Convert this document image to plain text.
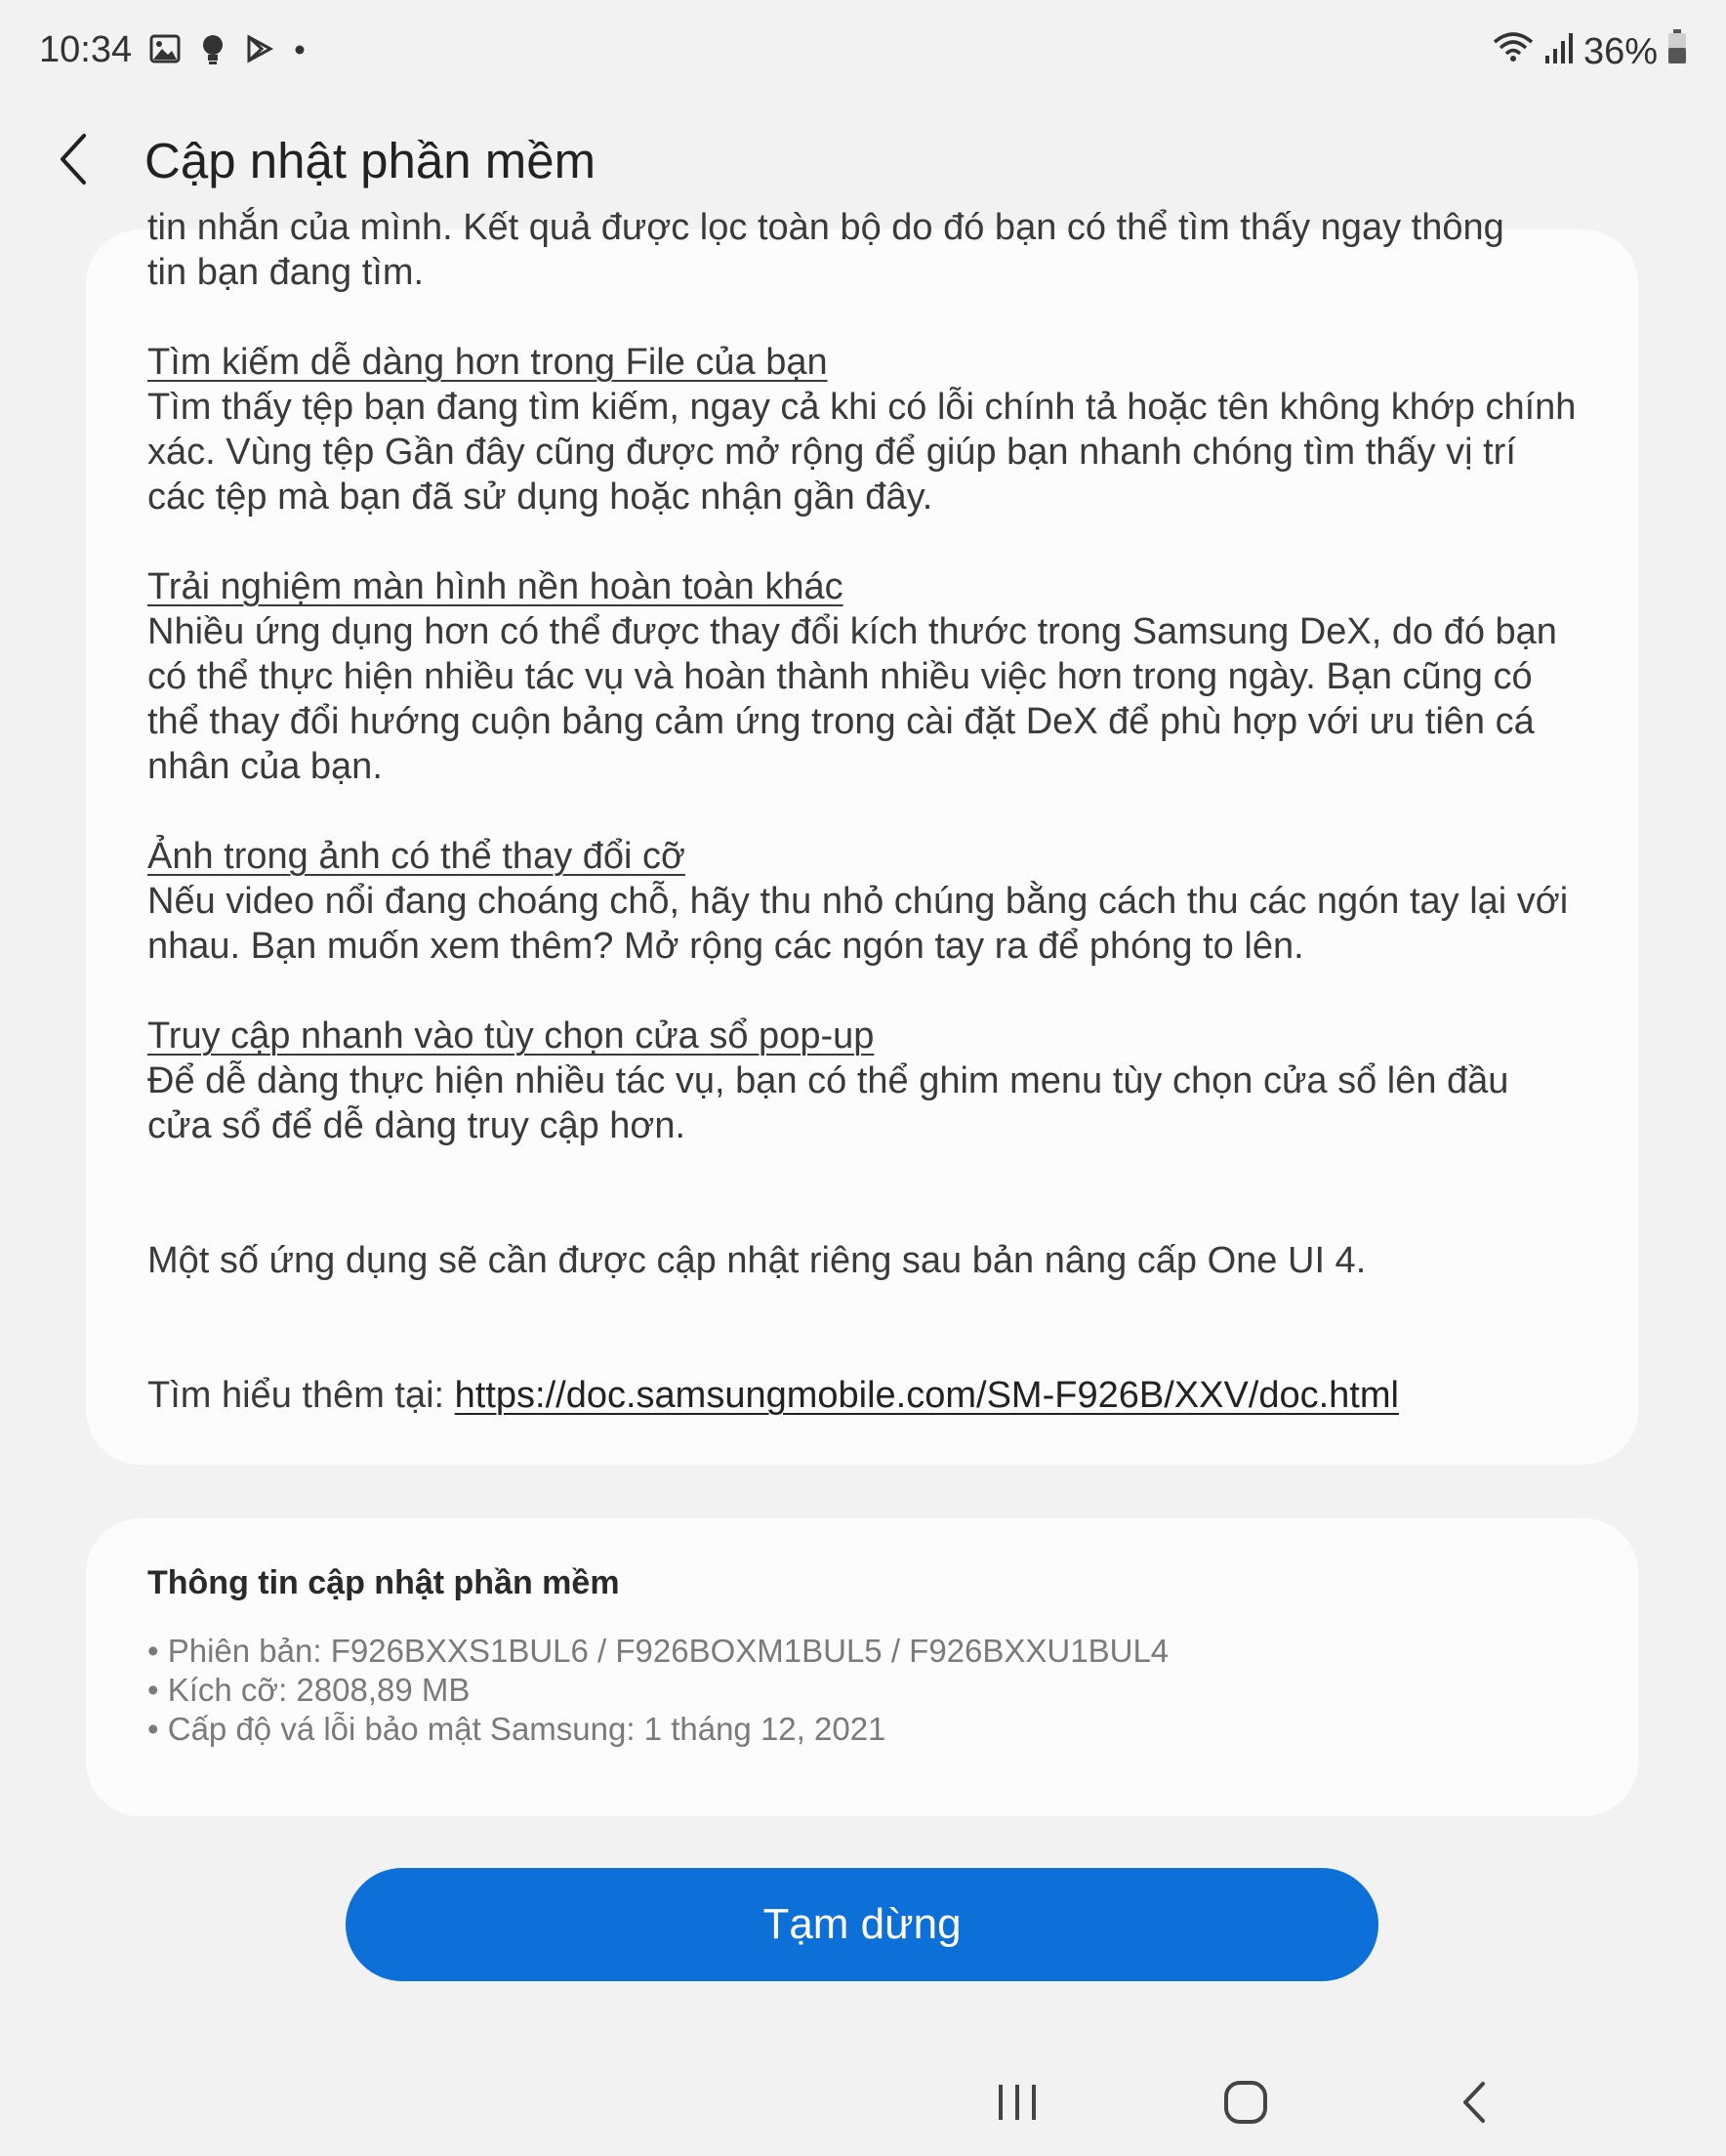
10:34	36%
Cập nhật phần mềm

tin nhắn của mình. Kết quả được lọc toàn bộ do đó bạn có thể tìm thấy ngay thông

tin bạn đang tìm.

Tìm kiếm dễ dàng hơn trong File của bạn

Tìm thấy tệp bạn đang tìm kiếm, ngay cả khi có lỗi chính tả hoặc tên không khớp chính xác. Vùng tệp Gần đây cũng được mở rộng để giúp bạn nhanh chóng tìm thấy vị trí các tệp mà bạn đã sử dụng hoặc nhận gần đây.

Trải nghiệm màn hình nền hoàn toàn khác

Nhiều ứng dụng hơn có thể được thay đổi kích thước trong Samsung DeX, do đó bạn có thể thực hiện nhiều tác vụ và hoàn thành nhiều việc hơn trong ngày. Bạn cũng có thể thay đổi hướng cuộn bảng cảm ứng trong cài đặt DeX để phù hợp với ưu tiên cá nhân của bạn.

Ảnh trong ảnh có thể thay đổi cỡ

Nếu video nổi đang choáng chỗ, hãy thu nhỏ chúng bằng cách thu các ngón tay lại với nhau. Bạn muốn xem thêm? Mở rộng các ngón tay ra để phóng to lên.

Truy cập nhanh vào tùy chọn cửa sổ pop-up

Để dễ dàng thực hiện nhiều tác vụ, bạn có thể ghim menu tùy chọn cửa sổ lên đầu cửa sổ để dễ dàng truy cập hơn.

Một số ứng dụng sẽ cần được cập nhật riêng sau bản nâng cấp One UI 4.

Tìm hiểu thêm tại: https://doc.samsungmobile.com/SM-F926B/XXV/doc.html

Thông tin cập nhật phần mềm
• Phiên bản: F926BXXS1BUL6 / F926BOXM1BUL5 / F926BXXU1BUL4
• Kích cỡ: 2808,89 MB
• Cấp độ vá lỗi bảo mật Samsung: 1 tháng 12, 2021
Tạm dừng
